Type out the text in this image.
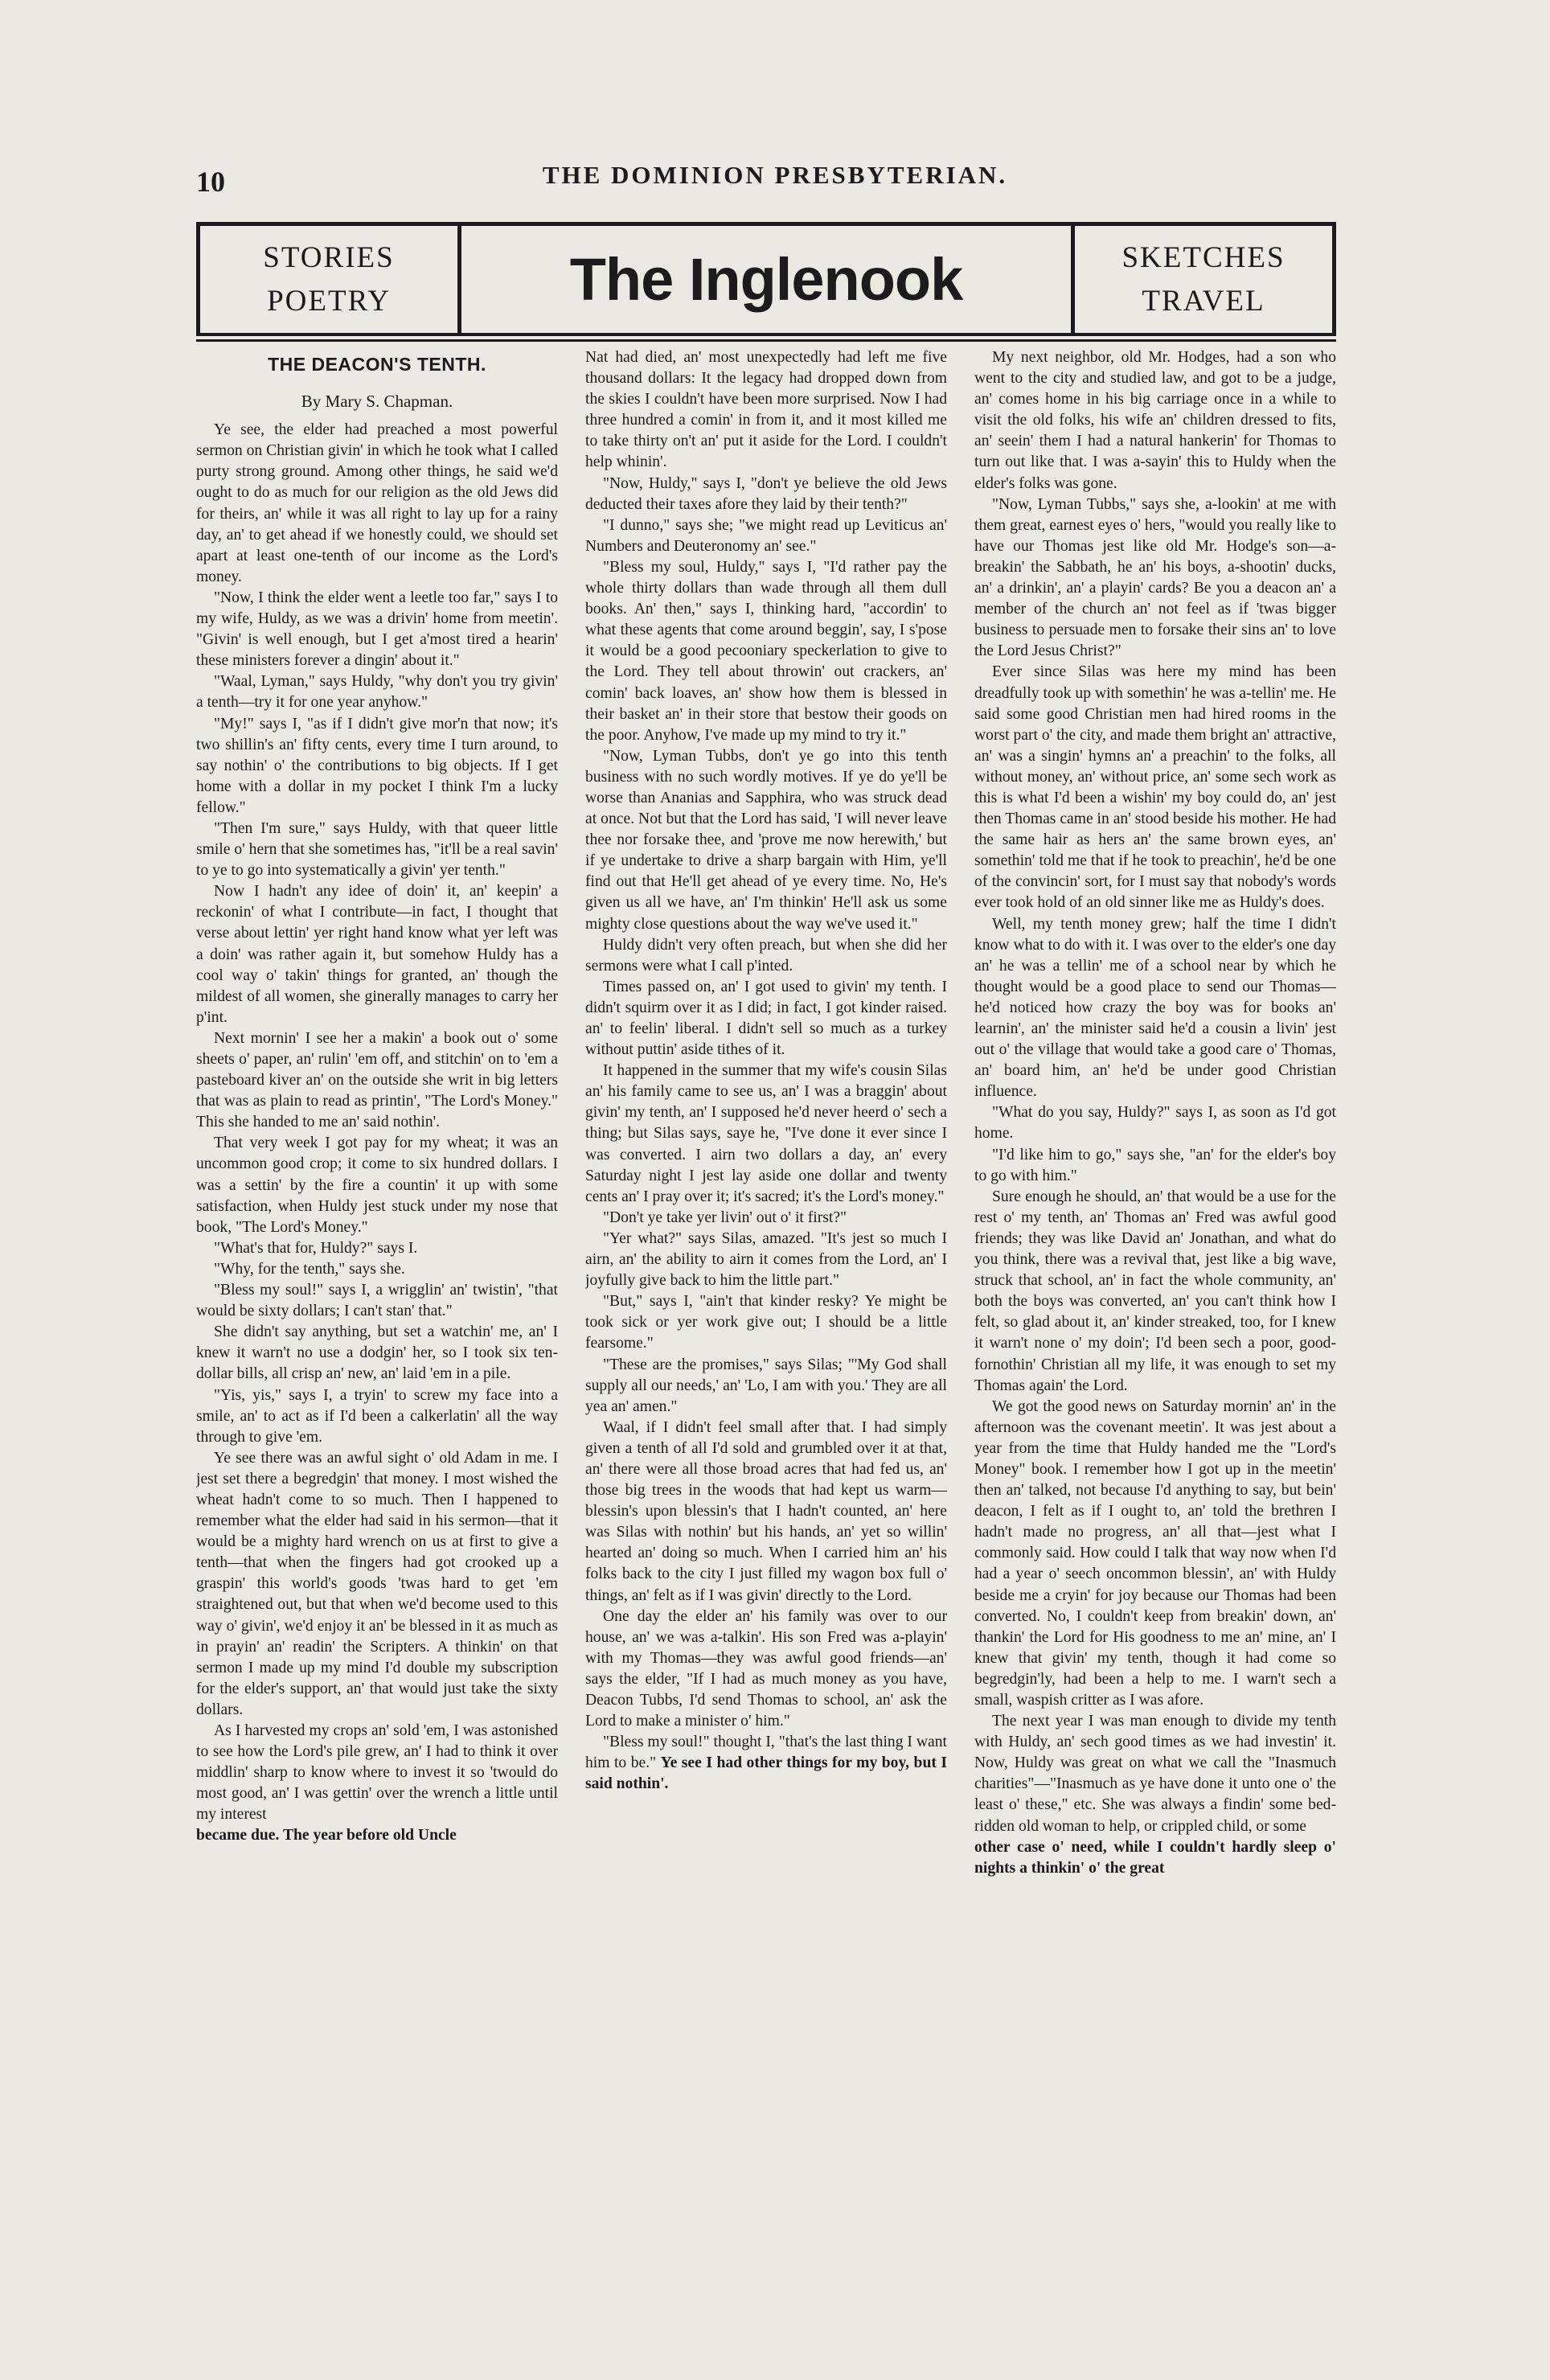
10	THE DOMINION PRESBYTERIAN.
STORIES
POETRY	The Inglenook	SKETCHES
TRAVEL
THE DEACON'S TENTH.
By Mary S. Chapman.

Ye see, the elder had preached a most powerful sermon on Christian givin' in which he took what I called purty strong ground. Among other things, he said we'd ought to do as much for our religion as the old Jews did for theirs, an' while it was all right to lay up for a rainy day, an' to get ahead if we honestly could, we should set apart at least one-tenth of our income as the Lord's money.

"Now, I think the elder went a leetle too far," says I to my wife, Huldy, as we was a drivin' home from meetin'. "Givin' is well enough, but I get a'most tired a hearin' these ministers forever a dingin' about it."

"Waal, Lyman," says Huldy, "why don't you try givin' a tenth—try it for one year anyhow."

"My!" says I, "as if I didn't give mor'n that now; it's two shillin's an' fifty cents, every time I turn around, to say nothin' o' the contributions to big objects. If I get home with a dollar in my pocket I think I'm a lucky fellow."

"Then I'm sure," says Huldy, with that queer little smile o' hern that she sometimes has, "it'll be a real savin' to ye to go into systematically a givin' yer tenth."

Now I hadn't any idee of doin' it, an' keepin' a reckonin' of what I contribute—in fact, I thought that verse about lettin' yer right hand know what yer left was a doin' was rather again it, but somehow Huldy has a cool way o' takin' things for granted, an' though the mildest of all women, she ginerally manages to carry her p'int.

Next mornin' I see her a makin' a book out o' some sheets o' paper, an' rulin' 'em off, and stitchin' on to 'em a pasteboard kiver an' on the outside she writ in big letters that was as plain to read as printin', "The Lord's Money." This she handed to me an' said nothin'.

That very week I got pay for my wheat; it was an uncommon good crop; it come to six hundred dollars. I was a settin' by the fire a countin' it up with some satisfaction, when Huldy jest stuck under my nose that book, "The Lord's Money."

"What's that for, Huldy?" says I.

"Why, for the tenth," says she.

"Bless my soul!" says I, a wrigglin' an' twistin', "that would be sixty dollars; I can't stan' that."

She didn't say anything, but set a watchin' me, an' I knew it warn't no use a dodgin' her, so I took six ten-dollar bills, all crisp an' new, an' laid 'em in a pile.

"Yis, yis," says I, a tryin' to screw my face into a smile, an' to act as if I'd been a calkerlatin' all the way through to give 'em.

Ye see there was an awful sight o' old Adam in me. I jest set there a begredgin' that money. I most wished the wheat hadn't come to so much. Then I happened to remember what the elder had said in his sermon—that it would be a mighty hard wrench on us at first to give a tenth—that when the fingers had got crooked up a graspin' this world's goods 'twas hard to get 'em straightened out, but that when we'd become used to this way o' givin', we'd enjoy it an' be blessed in it as much as in prayin' an' readin' the Scripters. A thinkin' on that sermon I made up my mind I'd double my subscription for the elder's support, an' that would just take the sixty dollars.

As I harvested my crops an' sold 'em, I was astonished to see how the Lord's pile grew, an' I had to think it over middlin' sharp to know where to invest it so 'twould do most good, an' I was gettin' over the wrench a little until my interest

became due. The year before old Uncle

Nat had died, an' most unexpectedly had left me five thousand dollars: It the legacy had dropped down from the skies I couldn't have been more surprised. Now I had three hundred a comin' in from it, and it most killed me to take thirty on't an' put it aside for the Lord. I couldn't help whinin'.

"Now, Huldy," says I, "don't ye believe the old Jews deducted their taxes afore they laid by their tenth?"

"I dunno," says she; "we might read up Leviticus an' Numbers and Deuteronomy an' see."

"Bless my soul, Huldy," says I, "I'd rather pay the whole thirty dollars than wade through all them dull books. An' then," says I, thinking hard, "accordin' to what these agents that come around beggin', say, I s'pose it would be a good pecooniary speckerlation to give to the Lord. They tell about throwin' out crackers, an' comin' back loaves, an' show how them is blessed in their basket an' in their store that bestow their goods on the poor. Anyhow, I've made up my mind to try it."

"Now, Lyman Tubbs, don't ye go into this tenth business with no such wordly motives. If ye do ye'll be worse than Ananias and Sapphira, who was struck dead at once. Not but that the Lord has said, 'I will never leave thee nor forsake thee, and 'prove me now herewith,' but if ye undertake to drive a sharp bargain with Him, ye'll find out that He'll get ahead of ye every time. No, He's given us all we have, an' I'm thinkin' He'll ask us some mighty close questions about the way we've used it."

Huldy didn't very often preach, but when she did her sermons were what I call p'inted.

Times passed on, an' I got used to givin' my tenth. I didn't squirm over it as I did; in fact, I got kinder raised. an' to feelin' liberal. I didn't sell so much as a turkey without puttin' aside tithes of it.

It happened in the summer that my wife's cousin Silas an' his family came to see us, an' I was a braggin' about givin' my tenth, an' I supposed he'd never heerd o' sech a thing; but Silas says, saye he, "I've done it ever since I was converted. I airn two dollars a day, an' every Saturday night I jest lay aside one dollar and twenty cents an' I pray over it; it's sacred; it's the Lord's money."

"Don't ye take yer livin' out o' it first?"

"Yer what?" says Silas, amazed. "It's jest so much I airn, an' the ability to airn it comes from the Lord, an' I joyfully give back to him the little part."

"But," says I, "ain't that kinder resky? Ye might be took sick or yer work give out; I should be a little fearsome."

"These are the promises," says Silas; "'My God shall supply all our needs,' an' 'Lo, I am with you.' They are all yea an' amen."

Waal, if I didn't feel small after that. I had simply given a tenth of all I'd sold and grumbled over it at that, an' there were all those broad acres that had fed us, an' those big trees in the woods that had kept us warm—blessin's upon blessin's that I hadn't counted, an' here was Silas with nothin' but his hands, an' yet so willin' hearted an' doing so much. When I carried him an' his folks back to the city I just filled my wagon box full o' things, an' felt as if I was givin' directly to the Lord.

One day the elder an' his family was over to our house, an' we was a-talkin'. His son Fred was a-playin' with my Thomas—they was awful good friends—an' says the elder, "If I had as much money as you have, Deacon Tubbs, I'd send Thomas to school, an' ask the Lord to make a minister o' him."

"Bless my soul!" thought I, "that's the last thing I want him to be." Ye see I had other things for my boy, but I said nothin'.

My next neighbor, old Mr. Hodges, had a son who went to the city and studied law, and got to be a judge, an' comes home in his big carriage once in a while to visit the old folks, his wife an' children dressed to fits, an' seein' them I had a natural hankerin' for Thomas to turn out like that. I was a-sayin' this to Huldy when the elder's folks was gone.

"Now, Lyman Tubbs," says she, a-lookin' at me with them great, earnest eyes o' hers, "would you really like to have our Thomas jest like old Mr. Hodge's son—a-breakin' the Sabbath, he an' his boys, a-shootin' ducks, an' a drinkin', an' a playin' cards? Be you a deacon an' a member of the church an' not feel as if 'twas bigger business to persuade men to forsake their sins an' to love the Lord Jesus Christ?"

Ever since Silas was here my mind has been dreadfully took up with somethin' he was a-tellin' me. He said some good Christian men had hired rooms in the worst part o' the city, and made them bright an' attractive, an' was a singin' hymns an' a preachin' to the folks, all without money, an' without price, an' some sech work as this is what I'd been a wishin' my boy could do, an' jest then Thomas came in an' stood beside his mother. He had the same hair as hers an' the same brown eyes, an' somethin' told me that if he took to preachin', he'd be one of the convincin' sort, for I must say that nobody's words ever took hold of an old sinner like me as Huldy's does.

Well, my tenth money grew; half the time I didn't know what to do with it. I was over to the elder's one day an' he was a tellin' me of a school near by which he thought would be a good place to send our Thomas—he'd noticed how crazy the boy was for books an' learnin', an' the minister said he'd a cousin a livin' jest out o' the village that would take a good care o' Thomas, an' board him, an' he'd be under good Christian influence.

"What do you say, Huldy?" says I, as soon as I'd got home.

"I'd like him to go," says she, "an' for the elder's boy to go with him."

Sure enough he should, an' that would be a use for the rest o' my tenth, an' Thomas an' Fred was awful good friends; they was like David an' Jonathan, and what do you think, there was a revival that, jest like a big wave, struck that school, an' in fact the whole community, an' both the boys was converted, an' you can't think how I felt, so glad about it, an' kinder streaked, too, for I knew it warn't none o' my doin'; I'd been sech a poor, good-fornothin' Christian all my life, it was enough to set my Thomas again' the Lord.

We got the good news on Saturday mornin' an' in the afternoon was the covenant meetin'. It was jest about a year from the time that Huldy handed me the "Lord's Money" book. I remember how I got up in the meetin' then an' talked, not because I'd anything to say, but bein' deacon, I felt as if I ought to, an' told the brethren I hadn't made no progress, an' all that—jest what I commonly said. How could I talk that way now when I'd had a year o' seech oncommon blessin', an' with Huldy beside me a cryin' for joy because our Thomas had been converted. No, I couldn't keep from breakin' down, an' thankin' the Lord for His goodness to me an' mine, an' I knew that givin' my tenth, though it had come so begredgin'ly, had been a help to me. I warn't sech a small, waspish critter as I was afore.

The next year I was man enough to divide my tenth with Huldy, an' sech good times as we had investin' it. Now, Huldy was great on what we call the "Inasmuch charities"—"Inasmuch as ye have done it unto one o' the least o' these," etc. She was always a findin' some bed-ridden old woman to help, or crippled child, or some

other case o' need, while I couldn't hardly sleep o' nights a thinkin' o' the great
